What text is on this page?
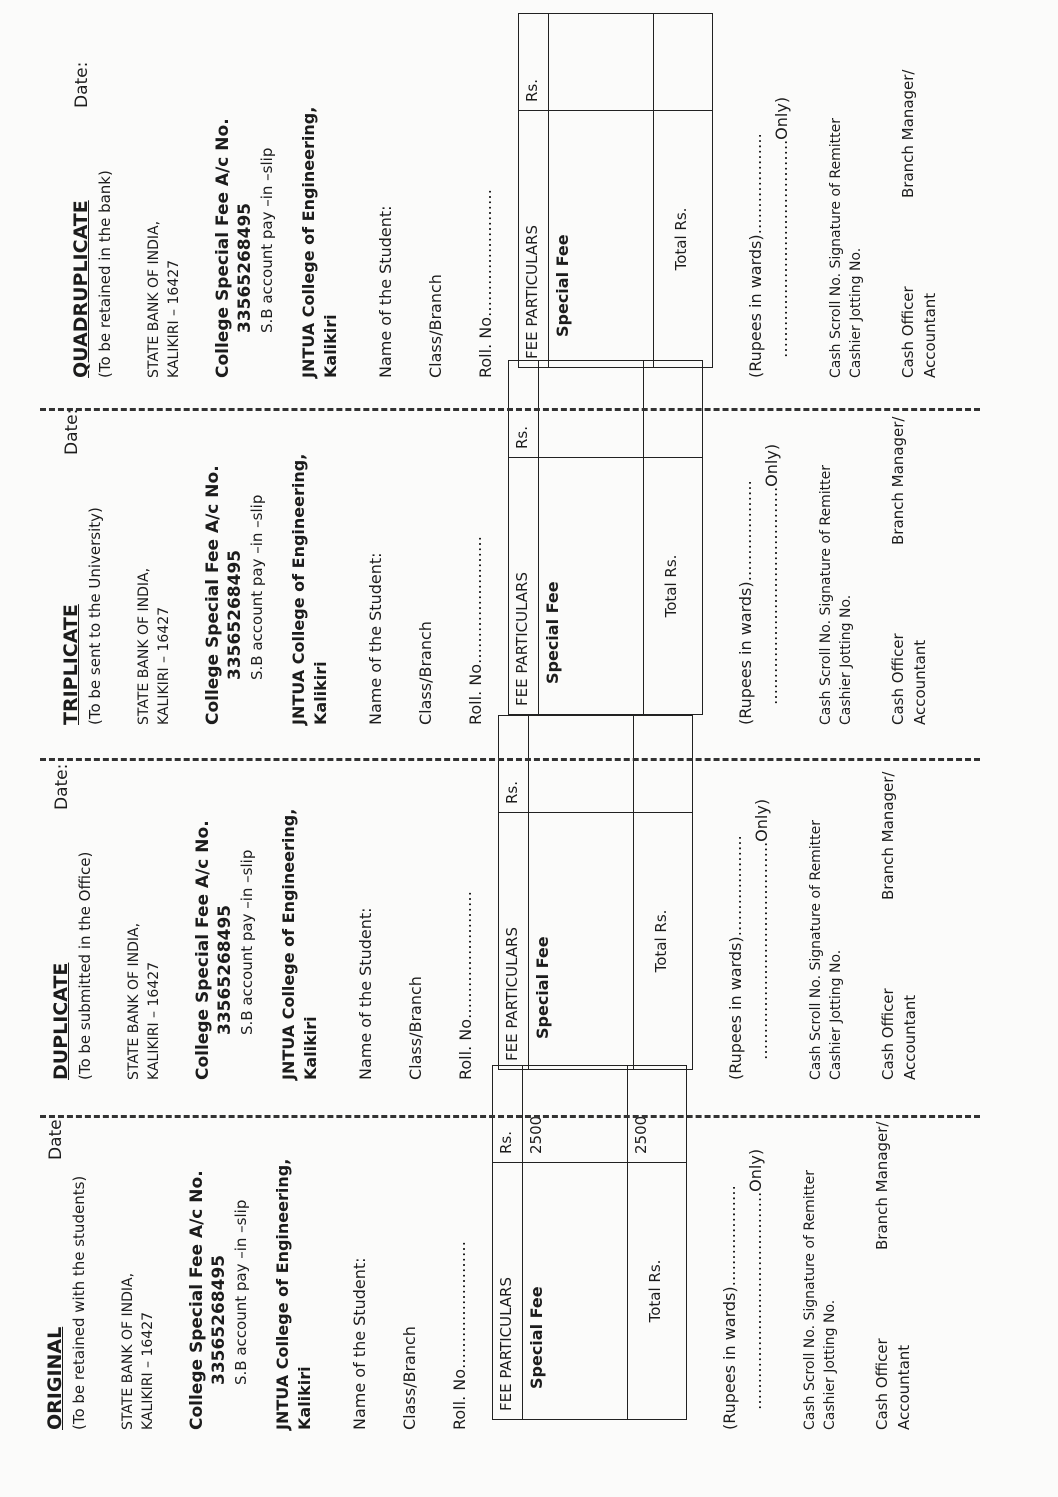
ORIGINAL
Date:
(To be retained with the students) STATE BANK OF INDIA, KALIKIRI – 16427 College Special Fee A/c No. 33565268495 S.B account pay –in –slip JNTUA College of Engineering, Kalikiri Name of the Student: Class/Branch Roll. No…………………… FEE PARTICULARS	Rs.
Special Fee	2500
Total Rs.	2500
(Rupees in wards)………………. …………………………………..Only)	Cash Scroll No. Signature of Remitter Cashier Jotting No. Cash Officer
Branch Manager/
Accountant
DUPLICATE
Date:
(To be submitted in the Office) STATE BANK OF INDIA, KALIKIRI – 16427 College Special Fee A/c No. 33565268495 S.B account pay –in –slip JNTUA College of Engineering, Kalikiri Name of the Student: Class/Branch Roll. No…………………… FEE PARTICULARS	Rs.
Special Fee	
Total Rs.		(Rupees in wards)………………. …………………………………..Only)	Cash Scroll No. Signature of Remitter Cashier Jotting No. Cash Officer
Branch Manager/
Accountant
TRIPLICATE
Date:
(To be sent to the University) STATE BANK OF INDIA, KALIKIRI – 16427 College Special Fee A/c No. 33565268495 S.B account pay –in –slip JNTUA College of Engineering, Kalikiri Name of the Student: Class/Branch Roll. No…………………… FEE PARTICULARS	Rs.
Special Fee	
Total Rs.		(Rupees in wards)………………. …………………………………..Only)	Cash Scroll No. Signature of Remitter Cashier Jotting No. Cash Officer
Branch Manager/
Accountant
QUADRUPLICATE
Date:
(To be retained in the bank) STATE BANK OF INDIA, KALIKIRI – 16427 College Special Fee A/c No. 33565268495 S.B account pay –in –slip JNTUA College of Engineering, Kalikiri Name of the Student: Class/Branch Roll. No…………………… FEE PARTICULARS	Rs.
Special Fee	
Total Rs.		(Rupees in wards)………………. …………………………………..Only)	Cash Scroll No. Signature of Remitter Cashier Jotting No. Cash Officer
Branch Manager/
Accountant
